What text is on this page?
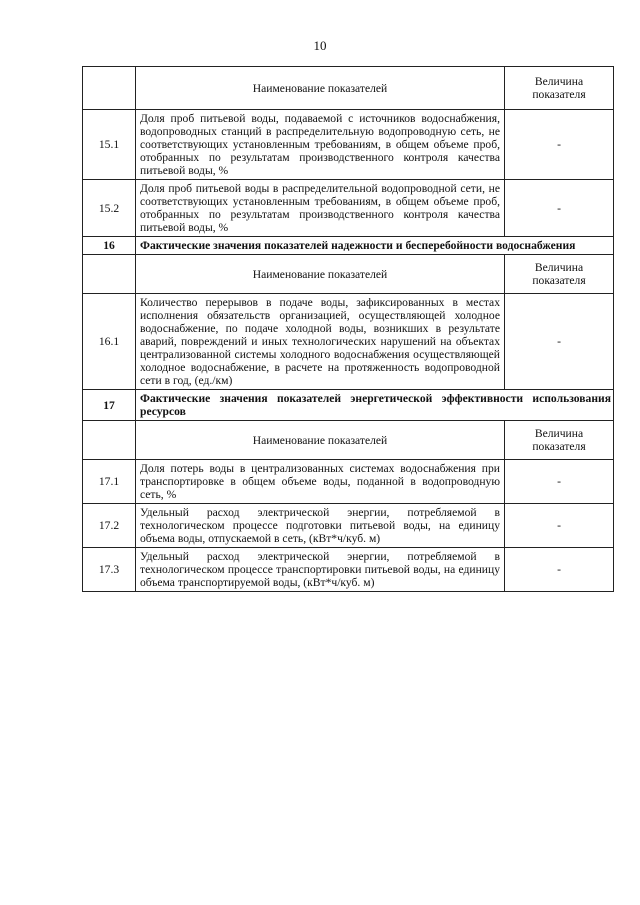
10
	Наименование показателей	Величина показателя
15.1	Доля проб питьевой воды, подаваемой с источников водоснабжения, водопроводных станций в распределительную водопроводную сеть, не соответствующих установленным требованиям, в общем объеме проб, отобранных по результатам производственного контроля качества питьевой воды, %	-
15.2	Доля проб питьевой воды в распределительной водопроводной сети, не соответствующих установленным требованиям, в общем объеме проб, отобранных по результатам производственного контроля качества питьевой воды, %	-
16	Фактические значения показателей надежности и бесперебойности водоснабжения	
	Наименование показателей	Величина показателя
16.1	Количество перерывов в подаче воды, зафиксированных в местах исполнения обязательств организацией, осуществляющей холодное водоснабжение, по подаче холодной воды, возникших в результате аварий, повреждений и иных технологических нарушений на объектах централизованной системы холодного водоснабжения осуществляющей холодное водоснабжение, в расчете на протяженность водопроводной сети в год, (ед./км)	-
17	Фактические значения показателей энергетической эффективности использования ресурсов	
	Наименование показателей	Величина показателя
17.1	Доля потерь воды в централизованных системах водоснабжения при транспортировке в общем объеме воды, поданной в водопроводную сеть, %	-
17.2	Удельный расход электрической энергии, потребляемой в технологическом процессе подготовки питьевой воды, на единицу объема воды, отпускаемой в сеть, (кВт*ч/куб. м)	-
17.3	Удельный расход электрической энергии, потребляемой в технологическом процессе транспортировки питьевой воды, на единицу объема транспортируемой воды, (кВт*ч/куб. м)	-
